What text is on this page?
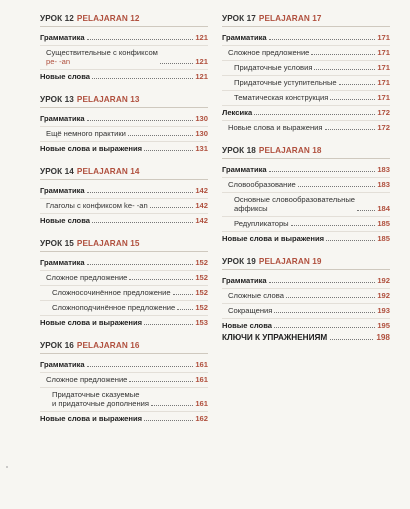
УРОК 12 PELAJARAN 12
Грамматика	121
Существительные с конфиксом
pe- -an	121
Новые слова	121
УРОК 13 PELAJARAN 13
Грамматика	130
Ещё немного практики	130
Новые слова и выражения	131
УРОК 14 PELAJARAN 14
Грамматика	142
Глаголы с конфиксом ke- -an	142
Новые слова	142
УРОК 15 PELAJARAN 15
Грамматика	152
Сложное предложение	152
Сложносочинённое предложение	152
Сложноподчинённое предложение	152
Новые слова и выражения	153
УРОК 16 PELAJARAN 16
Грамматика	161
Сложное предложение	161
Придаточные сказуемые
и придаточные дополнения	161
Новые слова и выражения	162
УРОК 17 PELAJARAN 17
Грамматика	171
Сложное предложение	171
Придаточные условия	171
Придаточные уступительные	171
Тематическая конструкция	171
Лексика	172
Новые слова и выражения	172
УРОК 18 PELAJARAN 18
Грамматика	183
Словообразование	183
Основные словообразовательные
аффиксы	184
Редупликаторы	185
Новые слова и выражения	185
УРОК 19 PELAJARAN 19
Грамматика	192
Сложные слова	192
Сокращения	193
Новые слова	195
КЛЮЧИ К УПРАЖНЕНИЯМ	198
